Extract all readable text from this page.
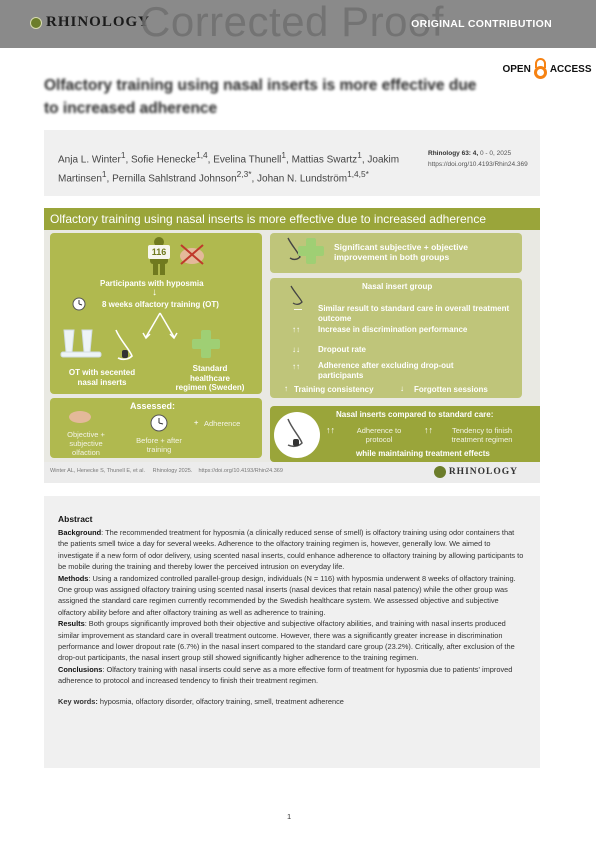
RHINOLOGY
Corrected Proof
ORIGINAL CONTRIBUTION
OPEN ACCESS
Olfactory training using nasal inserts is more effective due to increased adherence
Anja L. Winter$^1$, Sofie Henecke$^{1,4}$, Evelina Thunell$^1$, Mattias Swartz$^1$, Joakim Martinsen$^1$, Pernilla Sahlstrand Johnson$^{2,3*}$, Johan N. Lundström$^{1,4,5*}$
Rhinology 63: 4, 0 - 0, 2025
https://doi.org/10.4193/Rhin24.369
Olfactory training using nasal inserts is more effective due to increased adherence
116
Participants with hyposmia
↓
8 weeks olfactory training (OT)
OT with secented nasal inserts
Standard healthcare regimen (Sweden)
Assessed:
Objective + subjective olfaction
Before + after training
+ Adherence
Significant subjective + objective improvement in both groups
Nasal insert group
— Similar result to standard care in overall treatment outcome
↑↑ Increase in discrimination performance
↓↓ Dropout rate
↑↑ Adherence after excluding drop-out participants
↑ Training consistency	↓ Forgotten sessions
Nasal inserts compared to standard care:
↑↑	Adherence to protocol
↑↑	Tendency to finish treatment regimen
while maintaining treatment effects
Winter AL, Henecke S, Thunell E, et al.     Rhinology 2025.    https://doi.org/10.4193/Rhin24.369	RHINOLOGY
Abstract

Background: The recommended treatment for hyposmia (a clinically reduced sense of smell) is olfactory training using odor containers that the patients smell twice a day for several weeks. Adherence to the olfactory training regimen is, however, generally low. We aimed to investigate if a new form of odor delivery, using scented nasal inserts, could enhance adherence to olfactory training by allowing participants to be mobile during the training and thereby lower the perceived intrusion on everyday life.

Methods: Using a randomized controlled parallel-group design, individuals (N = 116) with hyposmia underwent 8 weeks of olfactory training. One group was assigned olfactory training using scented nasal inserts (nasal devices that retain nasal patency) while the other group was assigned the standard care regimen currently recommended by the Swedish healthcare system. We assessed objective and subjective olfactory ability before and after olfactory training as well as adherence to training.

Results: Both groups significantly improved both their objective and subjective olfactory abilities, and training with nasal inserts produced similar improvement as standard care in overall treatment outcome. However, there was a significantly greater increase in discrimination performance and lower dropout rate (6.7%) in the nasal insert compared to the standard care group (23.2%). Critically, after exclusion of the drop-out participants, the nasal insert group still showed significantly higher adherence to the training regimen.

Conclusions: Olfactory training with nasal inserts could serve as a more effective form of treatment for hyposmia due to patients' improved adherence to protocol and increased tendency to finish their treatment regimen.

Key words: hyposmia, olfactory disorder, olfactory training, smell, treatment adherence

1
